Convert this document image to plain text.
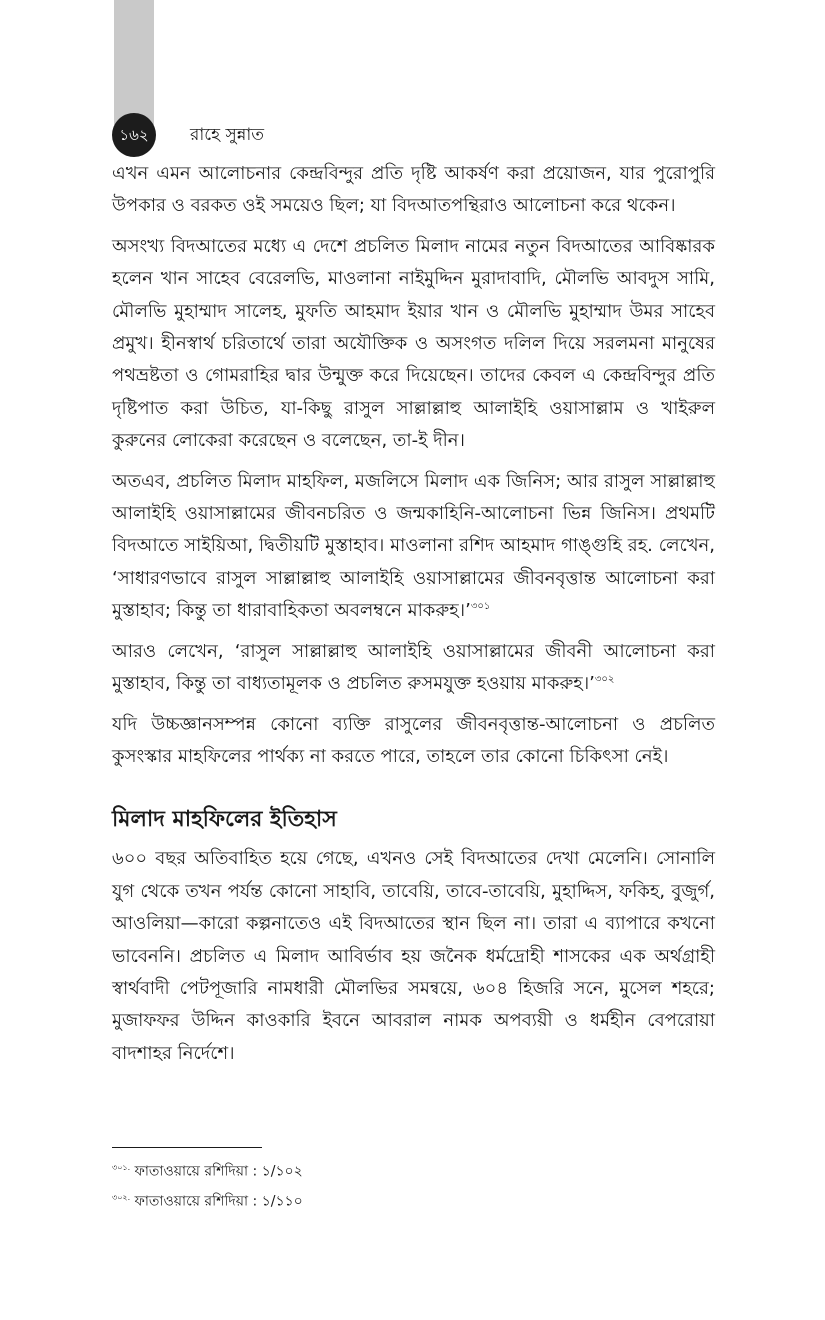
১৬২	রাহে সুন্নাত

এখন এমন আলোচনার কেন্দ্রবিন্দুর প্রতি দৃষ্টি আকর্ষণ করা প্রয়োজন, যার পুরোপুরি উপকার ও বরকত ওই সময়েও ছিল; যা বিদআতপন্থিরাও আলোচনা করে থকেন।

অসংখ্য বিদআতের মধ্যে এ দেশে প্রচলিত মিলাদ নামের নতুন বিদআতের আবিষ্কারক হলেন খান সাহেব বেরেলভি, মাওলানা নাইমুদ্দিন মুরাদাবাদি, মৌলভি আবদুস সামি, মৌলভি মুহাম্মাদ সালেহ, মুফতি আহমাদ ইয়ার খান ও মৌলভি মুহাম্মাদ উমর সাহেব প্রমুখ। হীনস্বার্থ চরিতার্থে তারা অযৌক্তিক ও অসংগত দলিল দিয়ে সরলমনা মানুষের পথভ্রষ্টতা ও গোমরাহির দ্বার উন্মুক্ত করে দিয়েছেন। তাদের কেবল এ কেন্দ্রবিন্দুর প্রতি দৃষ্টিপাত করা উচিত, যা-কিছু রাসুল সাল্লাল্লাহু আলাইহি ওয়াসাল্লাম ও খাইরুল কুরুনের লোকেরা করেছেন ও বলেছেন, তা-ই দীন।

অতএব, প্রচলিত মিলাদ মাহফিল, মজলিসে মিলাদ এক জিনিস; আর রাসুল সাল্লাল্লাহু আলাইহি ওয়াসাল্লামের জীবনচরিত ও জন্মকাহিনি-আলোচনা ভিন্ন জিনিস। প্রথমটি বিদআতে সাইয়িআ, দ্বিতীয়টি মুস্তাহাব। মাওলানা রশিদ আহমাদ গাঙ্গুহি রহ. লেখেন, ‘সাধারণভাবে রাসুল সাল্লাল্লাহু আলাইহি ওয়াসাল্লামের জীবনবৃত্তান্ত আলোচনা করা মুস্তাহাব; কিন্তু তা ধারাবাহিকতা অবলম্বনে মাকরুহ।’$^{৩০১}$

আরও লেখেন, ‘রাসুল সাল্লাল্লাহু আলাইহি ওয়াসাল্লামের জীবনী আলোচনা করা মুস্তাহাব, কিন্তু তা বাধ্যতামূলক ও প্রচলিত রুসমযুক্ত হওয়ায় মাকরুহ।’$^{৩০২}$

যদি উচ্চজ্ঞানসম্পন্ন কোনো ব্যক্তি রাসুলের জীবনবৃত্তান্ত-আলোচনা ও প্রচলিত কুসংস্কার মাহফিলের পার্থক্য না করতে পারে, তাহলে তার কোনো চিকিৎসা নেই।

মিলাদ মাহফিলের ইতিহাস

৬০০ বছর অতিবাহিত হয়ে গেছে, এখনও সেই বিদআতের দেখা মেলেনি। সোনালি যুগ থেকে তখন পর্যন্ত কোনো সাহাবি, তাবেয়ি, তাবে-তাবেয়ি, মুহাদ্দিস, ফকিহ, বুজুর্গ, আওলিয়া—কারো কল্পনাতেও এই বিদআতের স্থান ছিল না। তারা এ ব্যাপারে কখনো ভাবেননি। প্রচলিত এ মিলাদ আবির্ভাব হয় জনৈক ধর্মদ্রোহী শাসকের এক অর্থগ্রাহী স্বার্থবাদী পেটপূজারি নামধারী মৌলভির সমন্বয়ে, ৬০৪ হিজরি সনে, মুসেল শহরে; মুজাফফর উদ্দিন কাওকারি ইবনে আবরাল নামক অপব্যয়ী ও ধর্মহীন বেপরোয়া বাদশাহর নির্দেশে।

$^{৩০১.}$ ফাতাওয়ায়ে রশিদিয়া : ১/১০২

$^{৩০২.}$ ফাতাওয়ায়ে রশিদিয়া : ১/১১০
